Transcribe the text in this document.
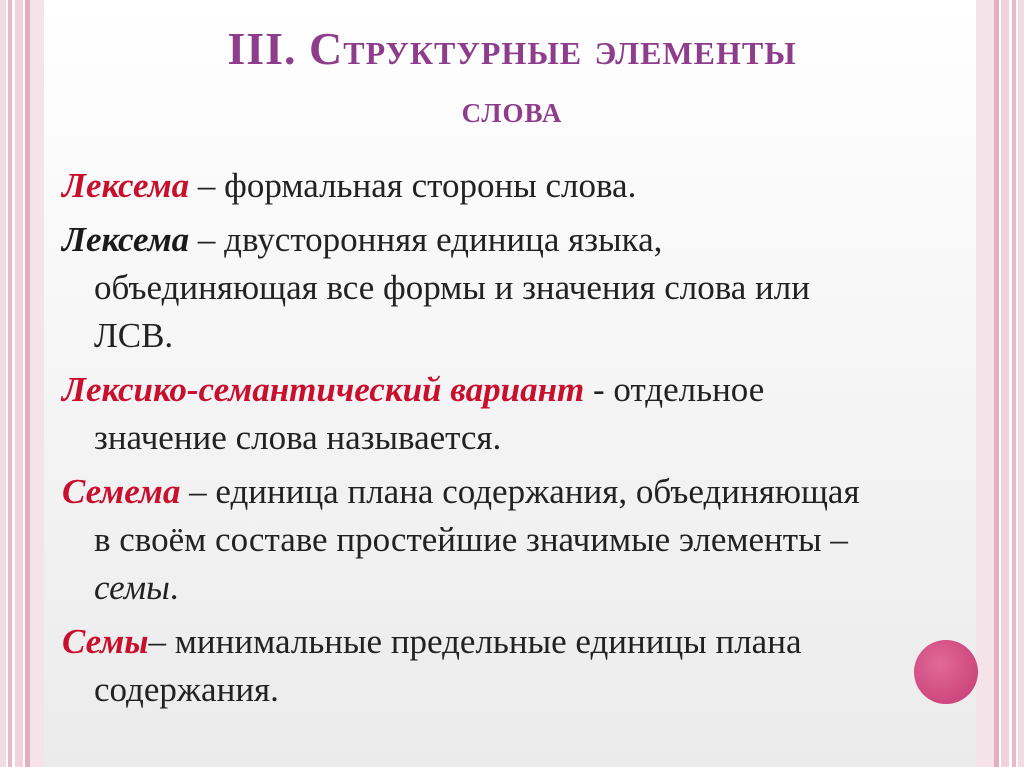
III. Структурные элементы
слова

Лексема – формальная стороны слова.

Лексема – двусторонняя единица языка, объединяющая все формы и значения слова или ЛСВ.

Лексико-семантический вариант - отдельное значение слова называется.

Семема – единица плана содержания, объединяющая в своём составе простейшие значимые элементы – семы.

Семы– минимальные предельные единицы плана содержания.
